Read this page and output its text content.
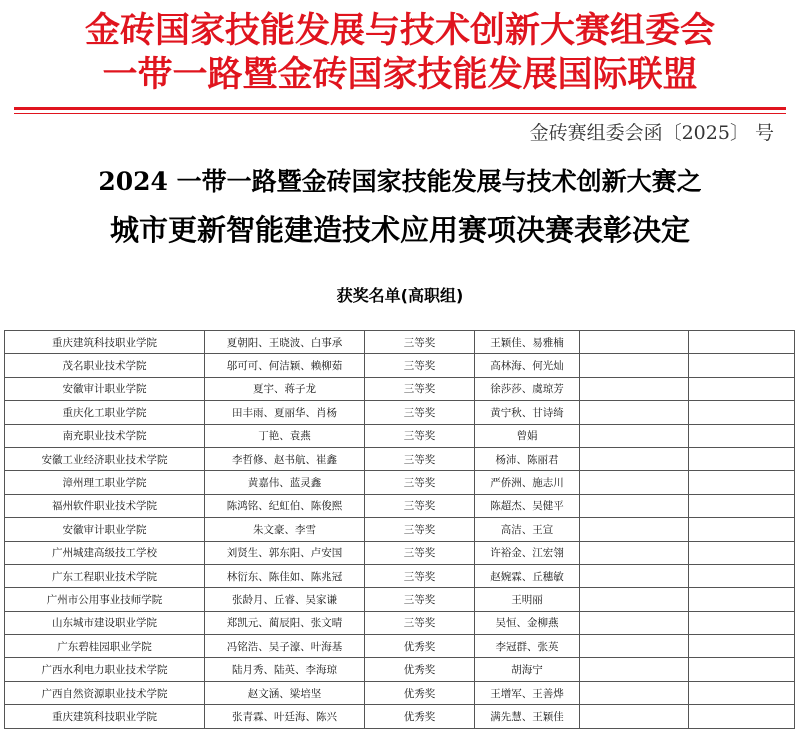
金砖国家技能发展与技术创新大赛组委会
一带一路暨金砖国家技能发展国际联盟
金砖赛组委会函〔2025〕 号
2024 一带一路暨金砖国家技能发展与技术创新大赛之
城市更新智能建造技术应用赛项决赛表彰决定
获奖名单(高职组)
重庆建筑科技职业学院	夏朝阳、王晓波、白事承	三等奖	王颖佳、易雅楠		
茂名职业技术学院	邬可可、何洁颖、赖柳茹	三等奖	高林海、何光灿		
安徽审计职业学院	夏宇、蒋子龙	三等奖	徐莎莎、虞琼芳		
重庆化工职业学院	田丰雨、夏丽华、肖杨	三等奖	黄宁秋、甘诗绮		
南充职业技术学院	丁艳、袁燕	三等奖	曾娟		
安徽工业经济职业技术学院	李哲修、赵书航、崔鑫	三等奖	杨沛、陈丽君		
漳州理工职业学院	黄嘉伟、蓝灵鑫	三等奖	严侨洲、施志川		
福州软件职业技术学院	陈鸿铭、纪虹伯、陈俊熙	三等奖	陈超杰、吴健平		
安徽审计职业学院	朱文豪、李雪	三等奖	高洁、王宣		
广州城建高级技工学校	刘贤生、郭东阳、卢安国	三等奖	许裕金、江宏翎		
广东工程职业技术学院	林衍东、陈佳如、陈兆冠	三等奖	赵婉霖、丘穗敏		
广州市公用事业技师学院	张龄月、丘睿、吴家谦	三等奖	王明丽		
山东城市建设职业学院	郑凯元、蔺辰阳、张文晴	三等奖	吴恒、金柳燕		
广东碧桂园职业学院	冯铭浩、吴子濠、叶海基	优秀奖	李冠群、张英		
广西水利电力职业技术学院	陆月秀、陆英、李海琼	优秀奖	胡海宁		
广西自然资源职业技术学院	赵文涵、梁培坚	优秀奖	王增军、王善烨		
重庆建筑科技职业学院	张青霖、叶廷海、陈兴	优秀奖	满先慧、王颖佳		
